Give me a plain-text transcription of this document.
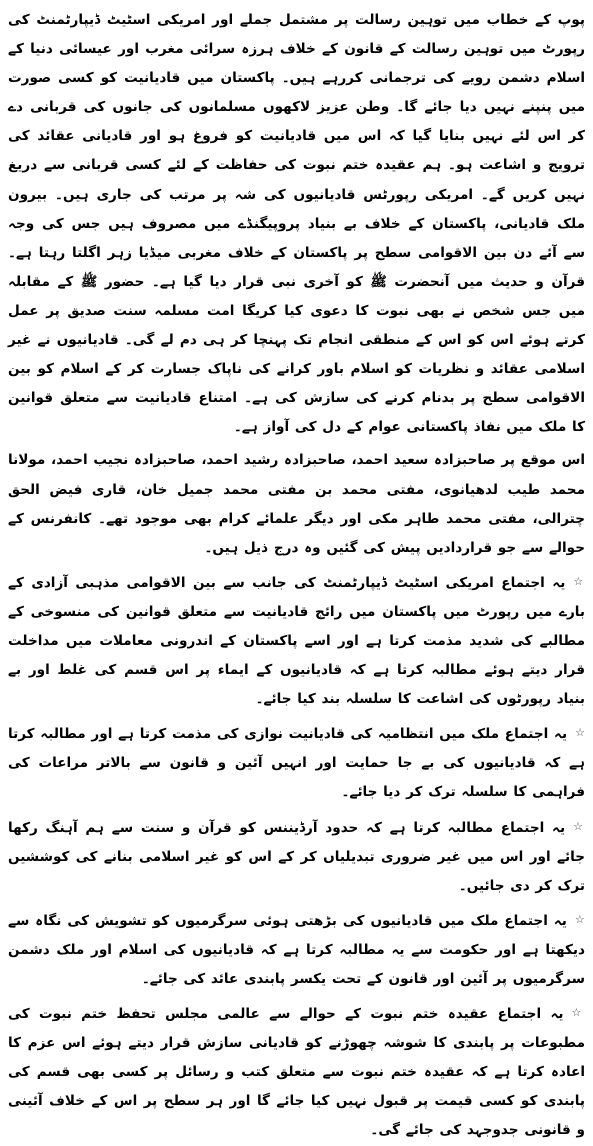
پوپ کے خطاب میں توہین رسالت پر مشتمل جملے اور امریکی اسٹیٹ ڈیپارٹمنٹ کی رپورٹ میں توہین رسالت کے قانون کے خلاف ہرزہ سرائی مغرب اور عیسائی دنیا کے اسلام دشمن رویے کی ترجمانی کررہے ہیں۔ پاکستان میں قادیانیت کو کسی صورت میں پنپنے نہیں دیا جائے گا۔ وطن عزیز لاکھوں مسلمانوں کی جانوں کی قربانی دے کر اس لئے نہیں بنایا گیا کہ اس میں قادیانیت کو فروغ ہو اور قادیانی عقائد کی ترویج و اشاعت ہو۔ ہم عقیدہ ختم نبوت کی حفاظت کے لئے کسی قربانی سے دریغ نہیں کریں گے۔ امریکی رپورٹس قادیانیوں کی شہ پر مرتب کی جاری ہیں۔ بیرون ملک قادیانی، پاکستان کے خلاف بے بنیاد پروپیگنڈے میں مصروف ہیں جس کی وجہ سے آئے دن بین الاقوامی سطح پر پاکستان کے خلاف مغربی میڈیا زہر اگلتا رہتا ہے۔ قرآن و حدیث میں آنحضرت ﷺ کو آخری نبی قرار دیا گیا ہے۔ حضور ﷺ کے مقابلہ میں جس شخص نے بھی نبوت کا دعوی کیا کریگا امت مسلمہ سنت صدیق پر عمل کرتے ہوئے اس کو اس کے منطقی انجام تک پہنچا کر ہی دم لے گی۔ قادیانیوں نے غیر اسلامی عقائد و نظریات کو اسلام باور کرانے کی ناپاک جسارت کر کے اسلام کو بین الاقوامی سطح پر بدنام کرنے کی سازش کی ہے۔ امتناع قادیانیت سے متعلق قوانین کا ملک میں نفاذ پاکستانی عوام کے دل کی آواز ہے۔

اس موقع پر صاحبزادہ سعید احمد، صاحبزادہ رشید احمد، صاحبزادہ نجیب احمد، مولانا محمد طیب لدھیانوی، مفتی محمد بن مفتی محمد جمیل خان، قاری فیض الحق چترالی، مفتی محمد طاہر مکی اور دیگر علمائے کرام بھی موجود تھے۔ کانفرنس کے حوالے سے جو قراردادیں پیش کی گئیں وہ درج ذیل ہیں۔

☆یہ اجتماع امریکی اسٹیٹ ڈیپارٹمنٹ کی جانب سے بین الاقوامی مذہبی آزادی کے بارے میں رپورٹ میں پاکستان میں رائج قادیانیت سے متعلق قوانین کی منسوخی کے مطالبے کی شدید مذمت کرتا ہے اور اسے پاکستان کے اندرونی معاملات میں مداخلت قرار دیتے ہوئے مطالبہ کرتا ہے کہ قادیانیوں کے ایماء پر اس قسم کی غلط اور بے بنیاد رپورٹوں کی اشاعت کا سلسلہ بند کیا جائے۔

☆یہ اجتماع ملک میں انتظامیہ کی قادیانیت نوازی کی مذمت کرتا ہے اور مطالبہ کرتا ہے کہ قادیانیوں کی بے جا حمایت اور انہیں آئین و قانون سے بالاتر مراعات کی فراہمی کا سلسلہ ترک کر دیا جائے۔

☆یہ اجتماع مطالبہ کرتا ہے کہ حدود آرڈیننس کو قرآن و سنت سے ہم آہنگ رکھا جائے اور اس میں غیر ضروری تبدیلیاں کر کے اس کو غیر اسلامی بنانے کی کوششیں ترک کر دی جائیں۔

☆یہ اجتماع ملک میں قادیانیوں کی بڑھتی ہوئی سرگرمیوں کو تشویش کی نگاہ سے دیکھتا ہے اور حکومت سے یہ مطالبہ کرتا ہے کہ قادیانیوں کی اسلام اور ملک دشمن سرگرمیوں پر آئین اور قانون کے تحت یکسر پابندی عائد کی جائے۔

☆یہ اجتماع عقیدہ ختم نبوت کے حوالے سے عالمی مجلس تحفظ ختم نبوت کی مطبوعات پر پابندی کا شوشہ چھوڑنے کو قادیانی سازش قرار دیتے ہوئے اس عزم کا اعادہ کرتا ہے کہ عقیدہ ختم نبوت سے متعلق کتب و رسائل پر کسی بھی قسم کی پابندی کو کسی قیمت پر قبول نہیں کیا جائے گا اور ہر سطح پر اس کے خلاف آئینی و قانونی جدوجہد کی جائے گی۔
